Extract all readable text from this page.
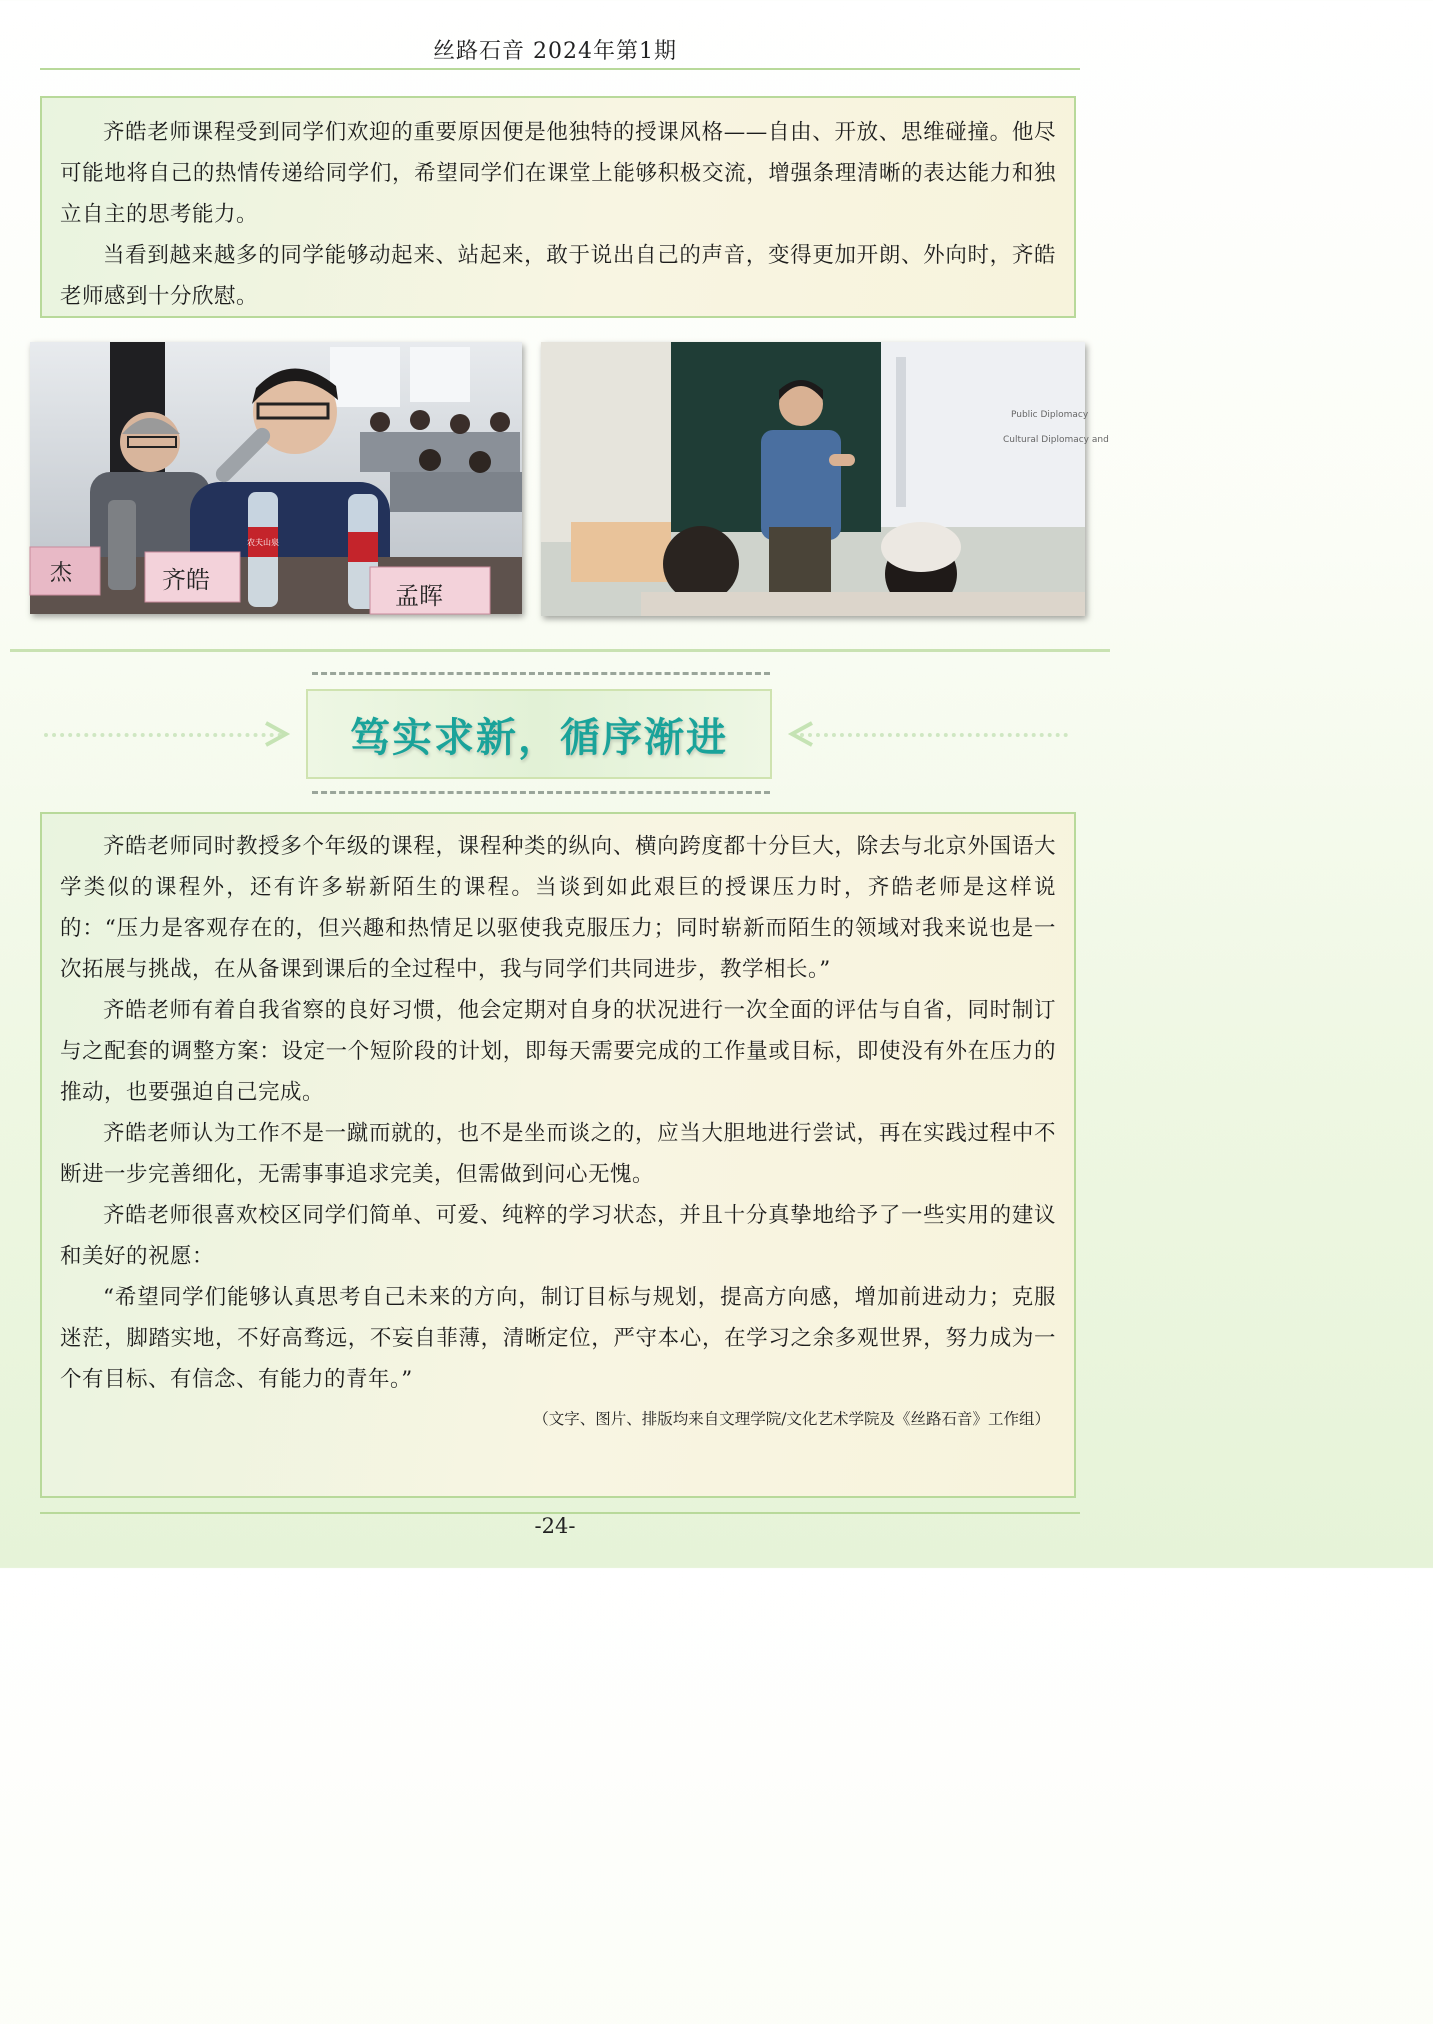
丝路石音 2024年第1期

齐皓老师课程受到同学们欢迎的重要原因便是他独特的授课风格——自由、开放、思维碰撞。他尽可能地将自己的热情传递给同学们，希望同学们在课堂上能够积极交流，增强条理清晰的表达能力和独立自主的思考能力。

当看到越来越多的同学能够动起来、站起来，敢于说出自己的声音，变得更加开朗、外向时，齐皓老师感到十分欣慰。

农夫山泉
杰	齐皓
孟晖
Public Diplomacy
Cultural Diplomacy and
笃实求新，循序渐进

齐皓老师同时教授多个年级的课程，课程种类的纵向、横向跨度都十分巨大，除去与北京外国语大学类似的课程外，还有许多崭新陌生的课程。当谈到如此艰巨的授课压力时，齐皓老师是这样说的：“压力是客观存在的，但兴趣和热情足以驱使我克服压力；同时崭新而陌生的领域对我来说也是一次拓展与挑战，在从备课到课后的全过程中，我与同学们共同进步，教学相长。”

齐皓老师有着自我省察的良好习惯，他会定期对自身的状况进行一次全面的评估与自省，同时制订与之配套的调整方案：设定一个短阶段的计划，即每天需要完成的工作量或目标，即使没有外在压力的推动，也要强迫自己完成。

齐皓老师认为工作不是一蹴而就的，也不是坐而谈之的，应当大胆地进行尝试，再在实践过程中不断进一步完善细化，无需事事追求完美，但需做到问心无愧。

齐皓老师很喜欢校区同学们简单、可爱、纯粹的学习状态，并且十分真挚地给予了一些实用的建议和美好的祝愿：

“希望同学们能够认真思考自己未来的方向，制订目标与规划，提高方向感，增加前进动力；克服迷茫，脚踏实地，不好高骛远，不妄自菲薄，清晰定位，严守本心，在学习之余多观世界，努力成为一个有目标、有信念、有能力的青年。”

（文字、图片、排版均来自文理学院/文化艺术学院及《丝路石音》工作组）
-24-
